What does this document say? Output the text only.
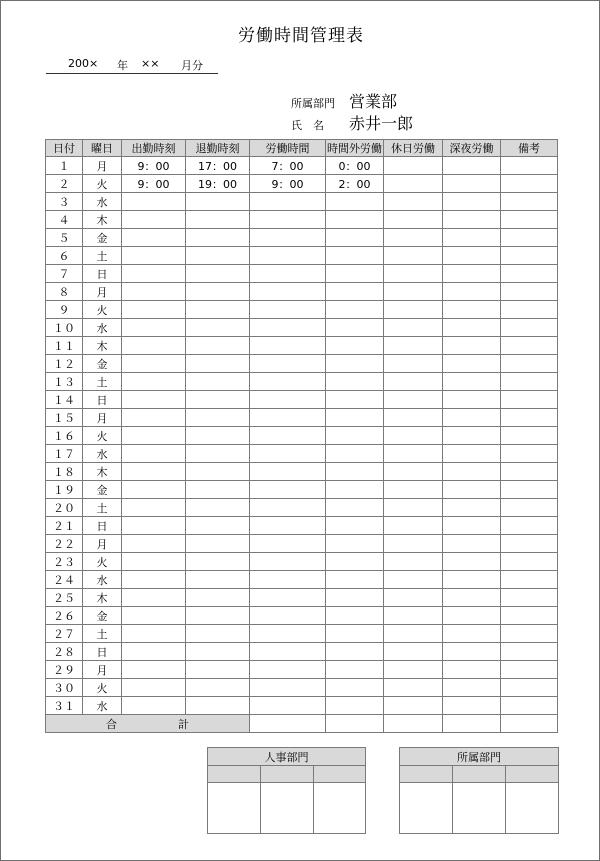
労働時間管理表
200× 年 ×× 月分
所属部門 営業部
氏　名 赤井一郎
日付	曜日	出勤時刻	退勤時刻	労働時間	時間外労働	休日労働	深夜労働	備考
１	月	9：00	17：00	7：00	0：00			
２	火	9：00	19：00	9：00	2：00			
３	水							
４	木							
５	金							
６	土							
７	日							
８	月							
９	火							
１０	水							
１１	木							
１２	金							
１３	土							
１４	日							
１５	月							
１６	火							
１７	水							
１８	木							
１９	金							
２０	土							
２１	日							
２２	月							
２３	火							
２４	水							
２５	木							
２６	金							
２７	土							
２８	日							
２９	月							
３０	火							
３１	水							

合 計								

人事部門		

			所属部門		
